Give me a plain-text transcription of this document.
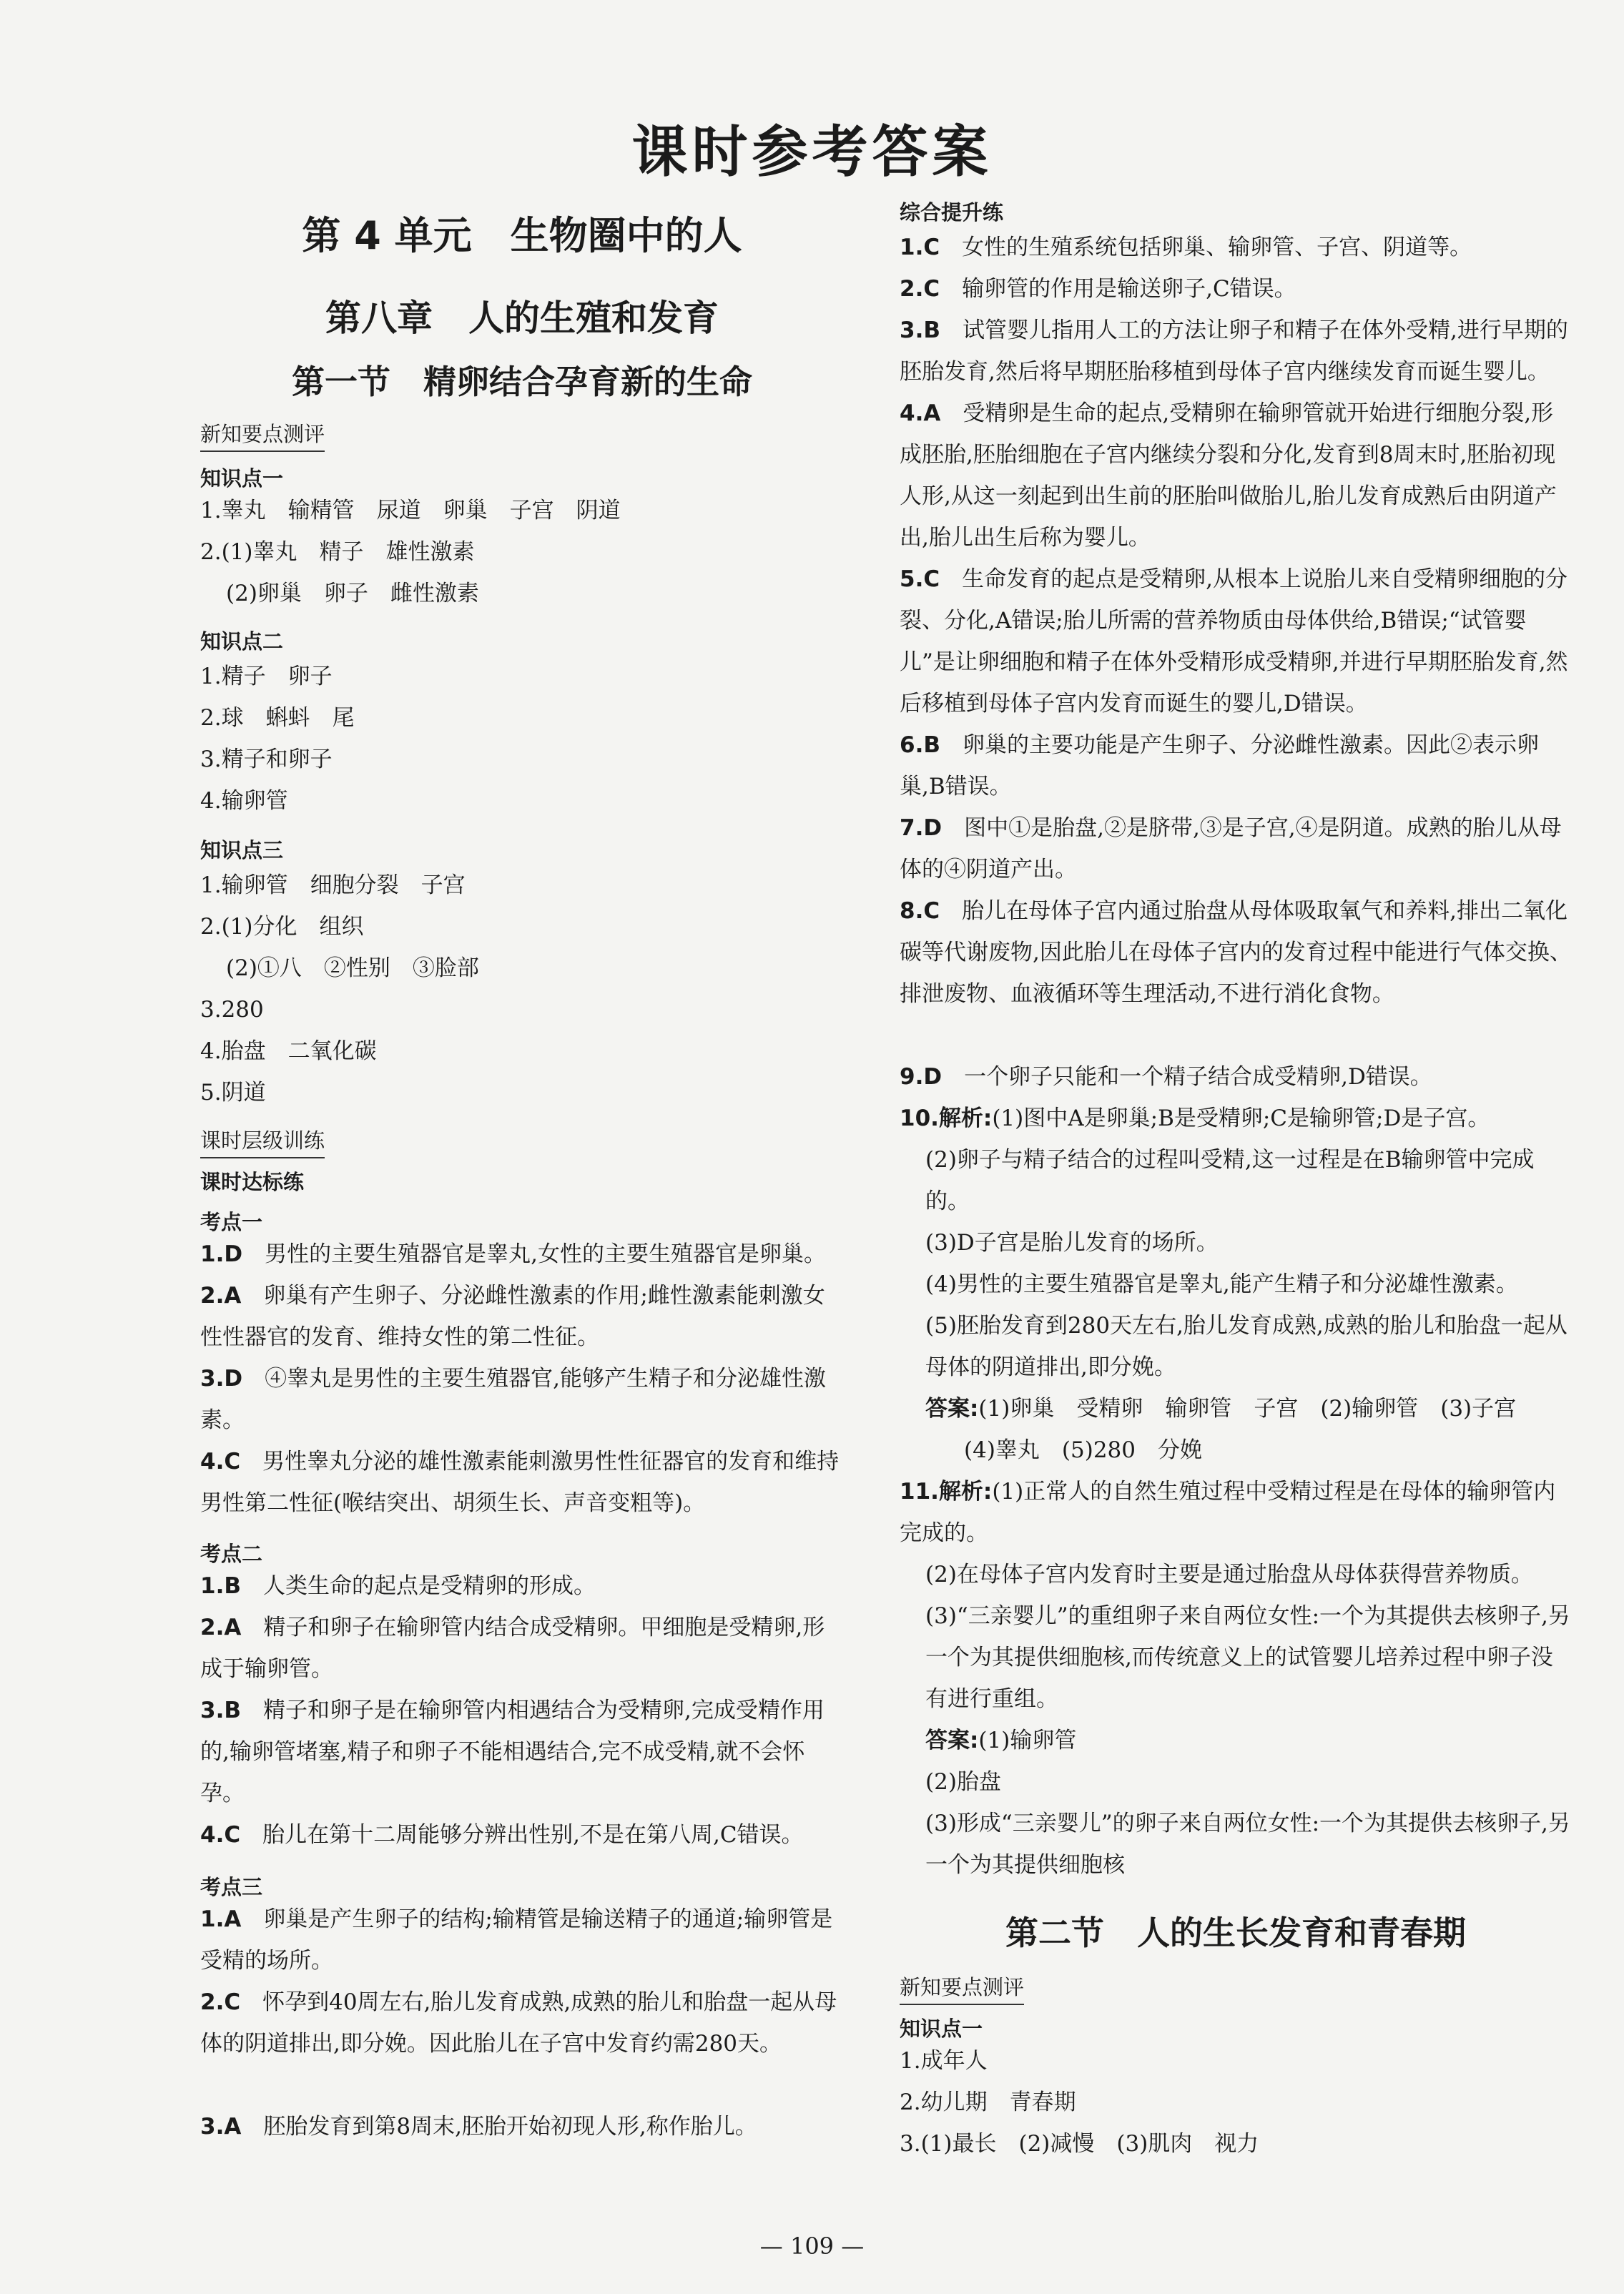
课时参考答案
第 4 单元　生物圈中的人
第八章　人的生殖和发育
第一节　精卵结合孕育新的生命
新知要点测评
知识点一
1.睾丸　输精管　尿道　卵巢　子宫　阴道
2.(1)睾丸　精子　雄性激素
(2)卵巢　卵子　雌性激素
知识点二
1.精子　卵子
2.球　蝌蚪　尾
3.精子和卵子
4.输卵管
知识点三
1.输卵管　细胞分裂　子宫
2.(1)分化　组织
(2)①八　②性别　③脸部
3.280
4.胎盘　二氧化碳
5.阴道
课时层级训练
课时达标练
考点一
1.D　 男性的主要生殖器官是睾丸,女性的主要生殖器官是卵巢。
2.A　 卵巢有产生卵子、分泌雌性激素的作用;雌性激素能刺激女性性器官的发育、维持女性的第二性征。
3.D　 ④睾丸是男性的主要生殖器官,能够产生精子和分泌雄性激素。
4.C　 男性睾丸分泌的雄性激素能刺激男性性征器官的发育和维持男性第二性征(喉结突出、胡须生长、声音变粗等)。
考点二
1.B　 人类生命的起点是受精卵的形成。
2.A　 精子和卵子在输卵管内结合成受精卵。甲细胞是受精卵,形成于输卵管。
3.B　 精子和卵子是在输卵管内相遇结合为受精卵,完成受精作用的,输卵管堵塞,精子和卵子不能相遇结合,完不成受精,就不会怀孕。
4.C　 胎儿在第十二周能够分辨出性别,不是在第八周,C错误。
考点三
1.A　 卵巢是产生卵子的结构;输精管是输送精子的通道;输卵管是受精的场所。
2.C　 怀孕到40周左右,胎儿发育成熟,成熟的胎儿和胎盘一起从母体的阴道排出,即分娩。因此胎儿在子宫中发育约需280天。
3.A　 胚胎发育到第8周末,胚胎开始初现人形,称作胎儿。
综合提升练
1.C　 女性的生殖系统包括卵巢、输卵管、子宫、阴道等。
2.C　 输卵管的作用是输送卵子,C错误。
3.B　 试管婴儿指用人工的方法让卵子和精子在体外受精,进行早期的胚胎发育,然后将早期胚胎移植到母体子宫内继续发育而诞生婴儿。
4.A　 受精卵是生命的起点,受精卵在输卵管就开始进行细胞分裂,形成胚胎,胚胎细胞在子宫内继续分裂和分化,发育到8周末时,胚胎初现人形,从这一刻起到出生前的胚胎叫做胎儿,胎儿发育成熟后由阴道产出,胎儿出生后称为婴儿。
5.C　 生命发育的起点是受精卵,从根本上说胎儿来自受精卵细胞的分裂、分化,A错误;胎儿所需的营养物质由母体供给,B错误;“试管婴儿”是让卵细胞和精子在体外受精形成受精卵,并进行早期胚胎发育,然后移植到母体子宫内发育而诞生的婴儿,D错误。
6.B　 卵巢的主要功能是产生卵子、分泌雌性激素。因此②表示卵巢,B错误。
7.D　 图中①是胎盘,②是脐带,③是子宫,④是阴道。成熟的胎儿从母体的④阴道产出。
8.C　 胎儿在母体子宫内通过胎盘从母体吸取氧气和养料,排出二氧化碳等代谢废物,因此胎儿在母体子宫内的发育过程中能进行气体交换、排泄废物、血液循环等生理活动,不进行消化食物。
9.D　 一个卵子只能和一个精子结合成受精卵,D错误。
10.解析:(1)图中A是卵巢;B是受精卵;C是输卵管;D是子宫。
(2)卵子与精子结合的过程叫受精,这一过程是在B输卵管中完成的。
(3)D子宫是胎儿发育的场所。
(4)男性的主要生殖器官是睾丸,能产生精子和分泌雄性激素。
(5)胚胎发育到280天左右,胎儿发育成熟,成熟的胎儿和胎盘一起从母体的阴道排出,即分娩。
答案:(1)卵巢　受精卵　输卵管　子宫　(2)输卵管　(3)子宫
(4)睾丸　(5)280　分娩
11.解析:(1)正常人的自然生殖过程中受精过程是在母体的输卵管内完成的。
(2)在母体子宫内发育时主要是通过胎盘从母体获得营养物质。
(3)“三亲婴儿”的重组卵子来自两位女性:一个为其提供去核卵子,另一个为其提供细胞核,而传统意义上的试管婴儿培养过程中卵子没有进行重组。
答案:(1)输卵管
(2)胎盘
(3)形成“三亲婴儿”的卵子来自两位女性:一个为其提供去核卵子,另一个为其提供细胞核
第二节　人的生长发育和青春期
新知要点测评
知识点一
1.成年人
2.幼儿期　青春期
3.(1)最长　(2)减慢　(3)肌肉　视力
— 109 —
